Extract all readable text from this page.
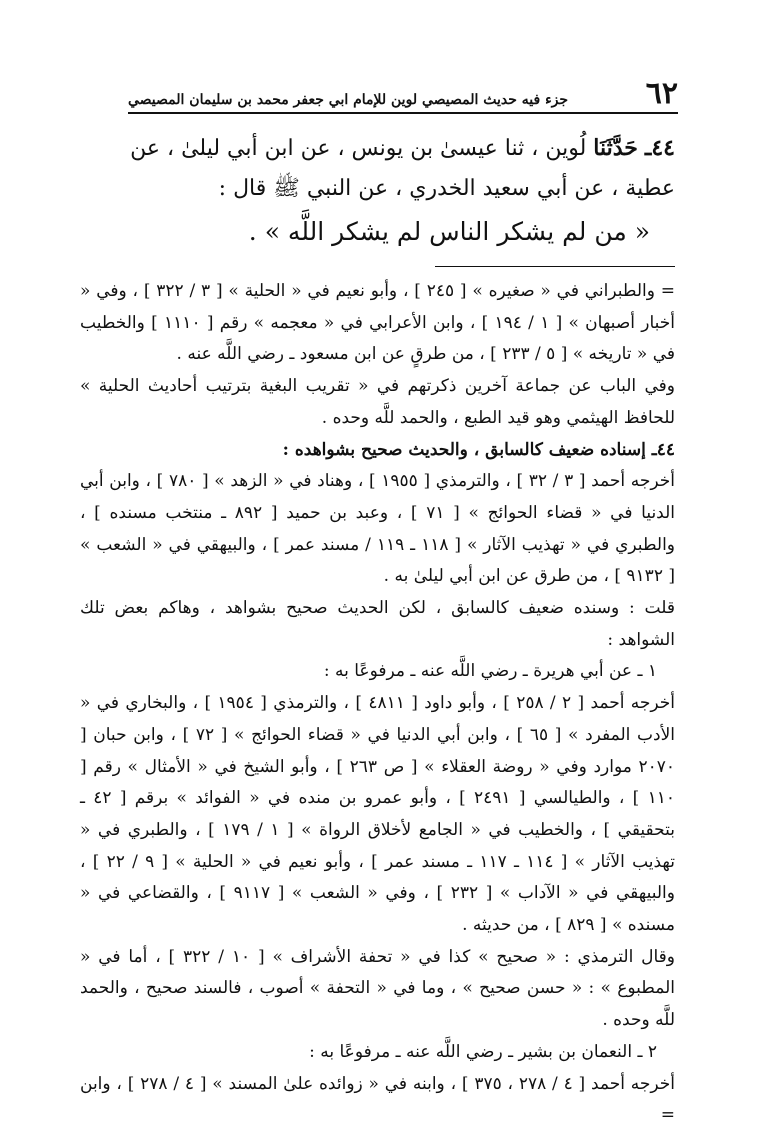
٦٢
جزء فيه حديث المصيصي لوين للإمام ابي جعفر محمد بن سليمان المصيصي
٤٤ـ حَدَّثَنَا لُوين ، ثنا عيسىٰ بن يونس ، عن ابن أبي ليلىٰ ، عن عطية ، عن أبي سعيد الخدري ، عن النبي ﷺ قال :
« من لم يشكر الناس لم يشكر اللَّه » .

= والطبراني في « صغيره » [ ٢٤٥ ] ، وأبو نعيم في « الحلية » [ ٣ / ٣٢٢ ] ، وفي « أخبار أصبهان » [ ١ / ١٩٤ ] ، وابن الأعرابي في « معجمه » رقم [ ١١١٠ ] والخطيب في « تاريخه » [ ٥ / ٢٣٣ ] ، من طرقٍ عن ابن مسعود ـ رضي اللَّه عنه .

وفي الباب عن جماعة آخرين ذكرتهم في « تقريب البغية بترتيب أحاديث الحلية » للحافظ الهيثمي وهو قيد الطبع ، والحمد للَّه وحده .

٤٤ـ إسناده ضعيف كالسابق ، والحديث صحيح بشواهده :

أخرجه أحمد [ ٣ / ٣٢ ] ، والترمذي [ ١٩٥٥ ] ، وهناد في « الزهد » [ ٧٨٠ ] ، وابن أبي الدنيا في « قضاء الحوائج » [ ٧١ ] ، وعبد بن حميد [ ٨٩٢ ـ منتخب مسنده ] ، والطبري في « تهذيب الآثار » [ ١١٨ ـ ١١٩ / مسند عمر ] ، والبيهقي في « الشعب » [ ٩١٣٢ ] ، من طرق عن ابن أبي ليلىٰ به .

قلت : وسنده ضعيف كالسابق ، لكن الحديث صحيح بشواهد ، وهاكم بعض تلك الشواهد :

١ ـ عن أبي هريرة ـ رضي اللَّه عنه ـ مرفوعًا به :

أخرجه أحمد [ ٢ / ٢٥٨ ] ، وأبو داود [ ٤٨١١ ] ، والترمذي [ ١٩٥٤ ] ، والبخاري في « الأدب المفرد » [ ٦٥ ] ، وابن أبي الدنيا في « قضاء الحوائج » [ ٧٢ ] ، وابن حبان [ ٢٠٧٠ موارد وفي « روضة العقلاء » [ ص ٢٦٣ ] ، وأبو الشيخ في « الأمثال » رقم [ ١١٠ ] ، والطيالسي [ ٢٤٩١ ] ، وأبو عمرو بن منده في « الفوائد » برقم [ ٤٢ ـ بتحقيقي ] ، والخطيب في « الجامع لأخلاق الرواة » [ ١ / ١٧٩ ] ، والطبري في « تهذيب الآثار » [ ١١٤ ـ ١١٧ ـ مسند عمر ] ، وأبو نعيم في « الحلية » [ ٩ / ٢٢ ] ، والبيهقي في « الآداب » [ ٢٣٢ ] ، وفي « الشعب » [ ٩١١٧ ] ، والقضاعي في « مسنده » [ ٨٢٩ ] ، من حديثه .

وقال الترمذي : « صحيح » كذا في « تحفة الأشراف » [ ١٠ / ٣٢٢ ] ، أما في « المطبوع » : « حسن صحيح » ، وما في « التحفة » أصوب ، فالسند صحيح ، والحمد للَّه وحده .

٢ ـ النعمان بن بشير ـ رضي اللَّه عنه ـ مرفوعًا به :

أخرجه أحمد [ ٤ / ٢٧٨ ، ٣٧٥ ] ، وابنه في « زوائده علىٰ المسند » [ ٤ / ٢٧٨ ] ، وابن =
